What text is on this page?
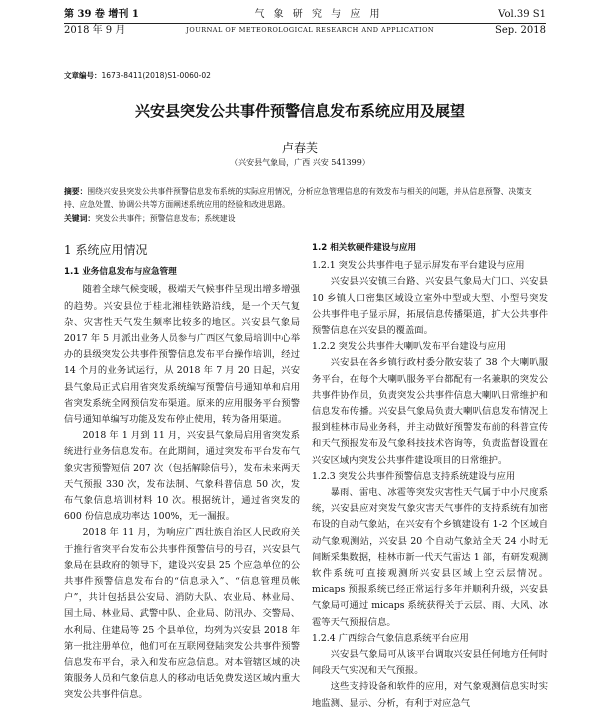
第 39 卷 增刊 1	气 象 研 究 与 应 用	Vol.39 S1
2018 年 9 月	JOURNAL OF METEOROLOGICAL RESEARCH AND APPLICATION	Sep. 2018
文章编号：1673-8411(2018)S1-0060-02
兴安县突发公共事件预警信息发布系统应用及展望
卢春芙
（兴安县气象局，广西 兴安 541399）
摘要：围绕兴安县突发公共事件预警信息发布系统的实际应用情况，分析应急管理信息的有效发布与相关的问题，并从信息预警、决策支持、应急处置、协调公共等方面阐述系统应用的经验和改进思路。
关键词：突发公共事件；预警信息发布；系统建设
1 系统应用情况
1.1 业务信息发布与应急管理

随着全球气候变暖，极端天气候事件呈现出增多增强的趋势。兴安县位于桂北湘桂铁路沿线，是一个天气复杂、灾害性天气发生频率比较多的地区。兴安县气象局 2017 年 5 月派出业务人员参与广西区气象局培训中心举办的县级突发公共事件预警信息发布平台操作培训，经过 14 个月的业务试运行，从 2018 年 7 月 20 日起，兴安县气象局正式启用省突发系统编写预警信号通知单和启用省突发系统全网预信发布渠道。原来的应用服务平台预警信号通知单编写功能及发布停止使用，转为备用渠道。

2018 年 1 月到 11 月，兴安县气象局启用省突发系统进行业务信息发布。在此期间，通过突发布平台发布气象灾害预警短信 207 次（包括解除信号），发布未来两天天气预报 330 次，发布法制、气象科普信息 50 次，发布气象信息培训材料 10 次。根据统计，通过省突发的 600 份信息成功率达 100%，无一漏报。

2018 年 11 月，为响应广西壮族自治区人民政府关于推行省突平台发布公共事件预警信号的号召，兴安县气象局在县政府的领导下，建设兴安县 25 个应急单位的公共事件预警信息发布台的“信息录入”、“信息管理员帐户”，共计包括县公安局、消防大队、农业局、林业局、国土局、林业局、武警中队、企业局、防汛办、交警局、水利局、住建局等 25 个县单位，均列为兴安县 2018 年第一批注册单位，他们可在互联网登陆突发公共事件预警信息发布平台，录入和发布应急信息。对本管辖区域的决策服务人员和气象信息人的移动电话免费发送区域内重大突发公共事件信息。

1.2 相关软硬件建设与应用

1.2.1 突发公共事件电子显示屏发布平台建设与应用

兴安县兴安镇三台路、兴安县气象局大门口、兴安县 10 乡镇人口密集区域设立室外中型或大型、小型号突发公共事件电子显示屏，拓展信息传播渠道，扩大公共事件预警信息在兴安县的覆盖面。

1.2.2 突发公共事件大喇叭发布平台建设与应用

兴安县在各乡镇行政村委分散安装了 38 个大喇叭服务平台，在每个大喇叭服务平台都配有一名兼职的突发公共事件协作员，负责突发公共事件信息大喇叭日常维护和信息发布传播。兴安县气象局负责大喇叭信息发布情况上报到桂林市局业务科，并主动做好预警发布前的科普宣传和天气预报发布及气象科技技术咨询等，负责监督设置在兴安区域内突发公共事件建设项目的日常维护。

1.2.3 突发公共事件预警信息支持系统建设与应用

暴雨、雷电、冰雹等突发灾害性天气属于中小尺度系统，兴安县应对突发气象灾害天气事件的支持系统有加密布设的自动气象站，在兴安有个乡镇建设有 1-2 个区域自动气象观测站，兴安县 20 个自动气象站全天 24 小时无间断采集数据，桂林市新一代天气雷达 1 部，有研发观测软件系统可直接观测所兴安县区域上空云层情况。micaps 预报系统已经正常运行多年并顺利升级，兴安县气象局可通过 micaps 系统获得关于云层、雨、大风、冰雹等天气预报信息。

1.2.4 广西综合气象信息系统平台应用

兴安县气象局可从该平台调取兴安县任何地方任何时间段天气实况和天气预报。

这些支持设备和软件的应用，对气象观测信息实时实地监测、显示、分析，有利于对应急气
